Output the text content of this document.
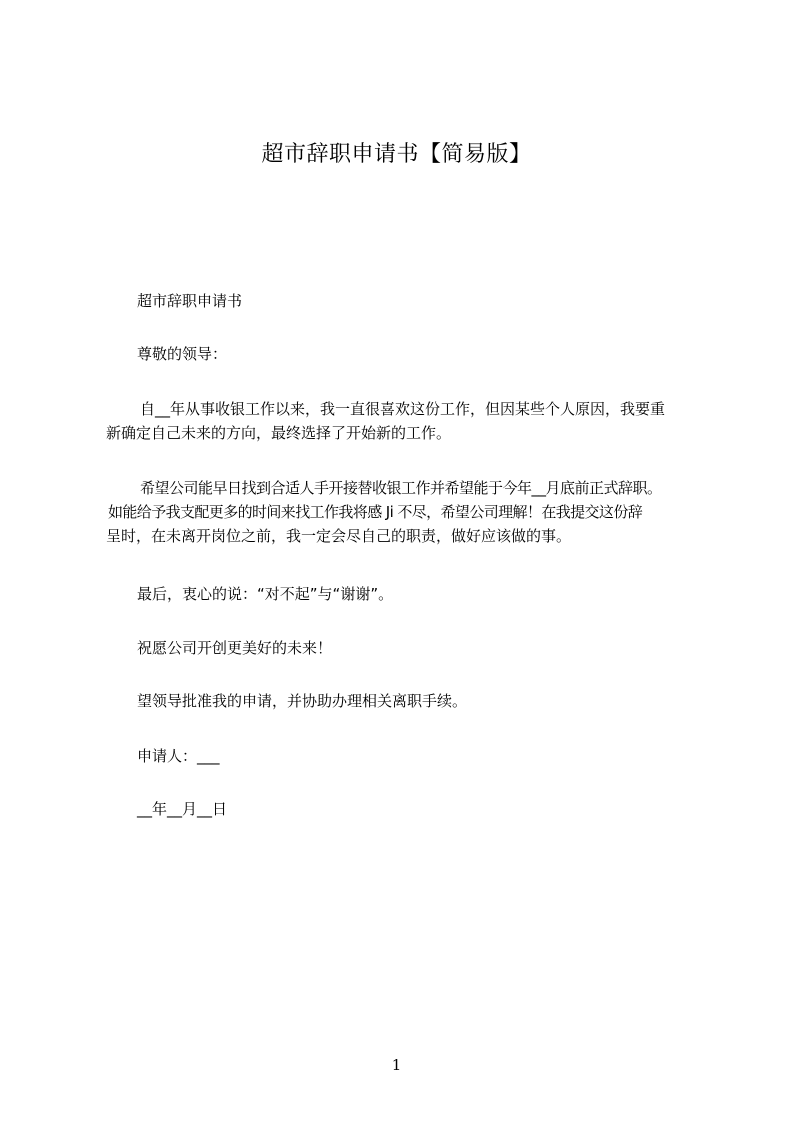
超市辞职申请书【简易版】
超市辞职申请书
尊敬的领导：
自__年从事收银工作以来，我一直很喜欢这份工作，但因某些个人原因，我要重
新确定自己未来的方向，最终选择了开始新的工作。
希望公司能早日找到合适人手开接替收银工作并希望能于今年__月底前正式辞职。
如能给予我支配更多的时间来找工作我将感 Ji 不尽，希望公司理解！在我提交这份辞
呈时，在未离开岗位之前，我一定会尽自己的职责，做好应该做的事。
最后，衷心的说：“对不起”与“谢谢”。
祝愿公司开创更美好的未来！
望领导批准我的申请，并协助办理相关离职手续。
申请人：___
__年__月__日
1
